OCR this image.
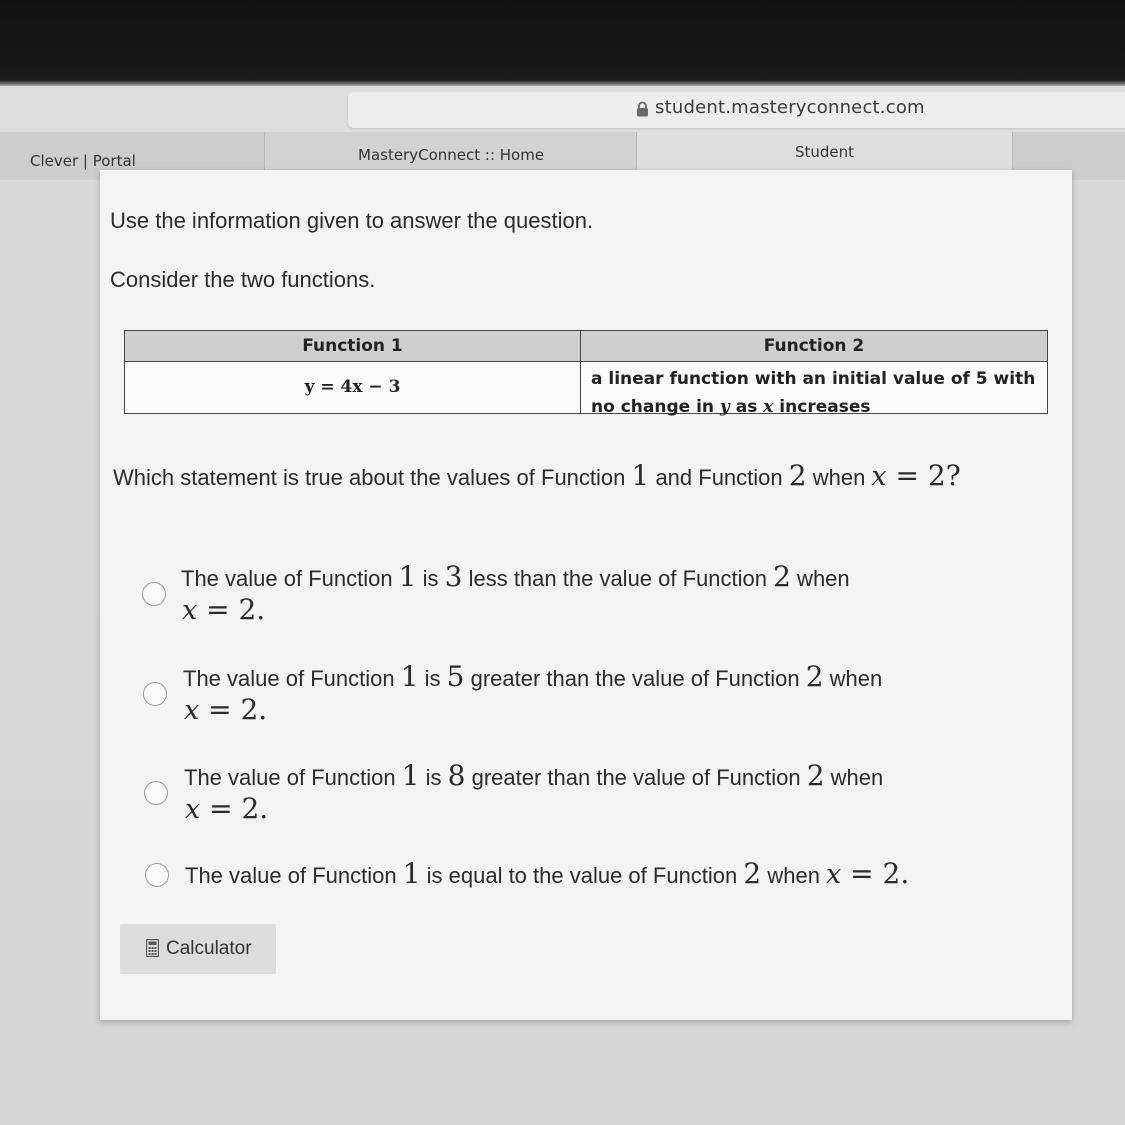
student.masteryconnect.com
Clever | Portal	MasteryConnect :: Home	Student
Use the information given to answer the question.
Consider the two functions.
Function 1	Function 2
y = 4x − 3	a linear function with an initial value of 5 with
no change in y as x increases
Which statement is true about the values of Function 1 and Function 2 when x = 2?
The value of Function 1 is 3 less than the value of Function 2 when
x = 2.
The value of Function 1 is 5 greater than the value of Function 2 when
x = 2.
The value of Function 1 is 8 greater than the value of Function 2 when
x = 2.
The value of Function 1 is equal to the value of Function 2 when x = 2.
Calculator
